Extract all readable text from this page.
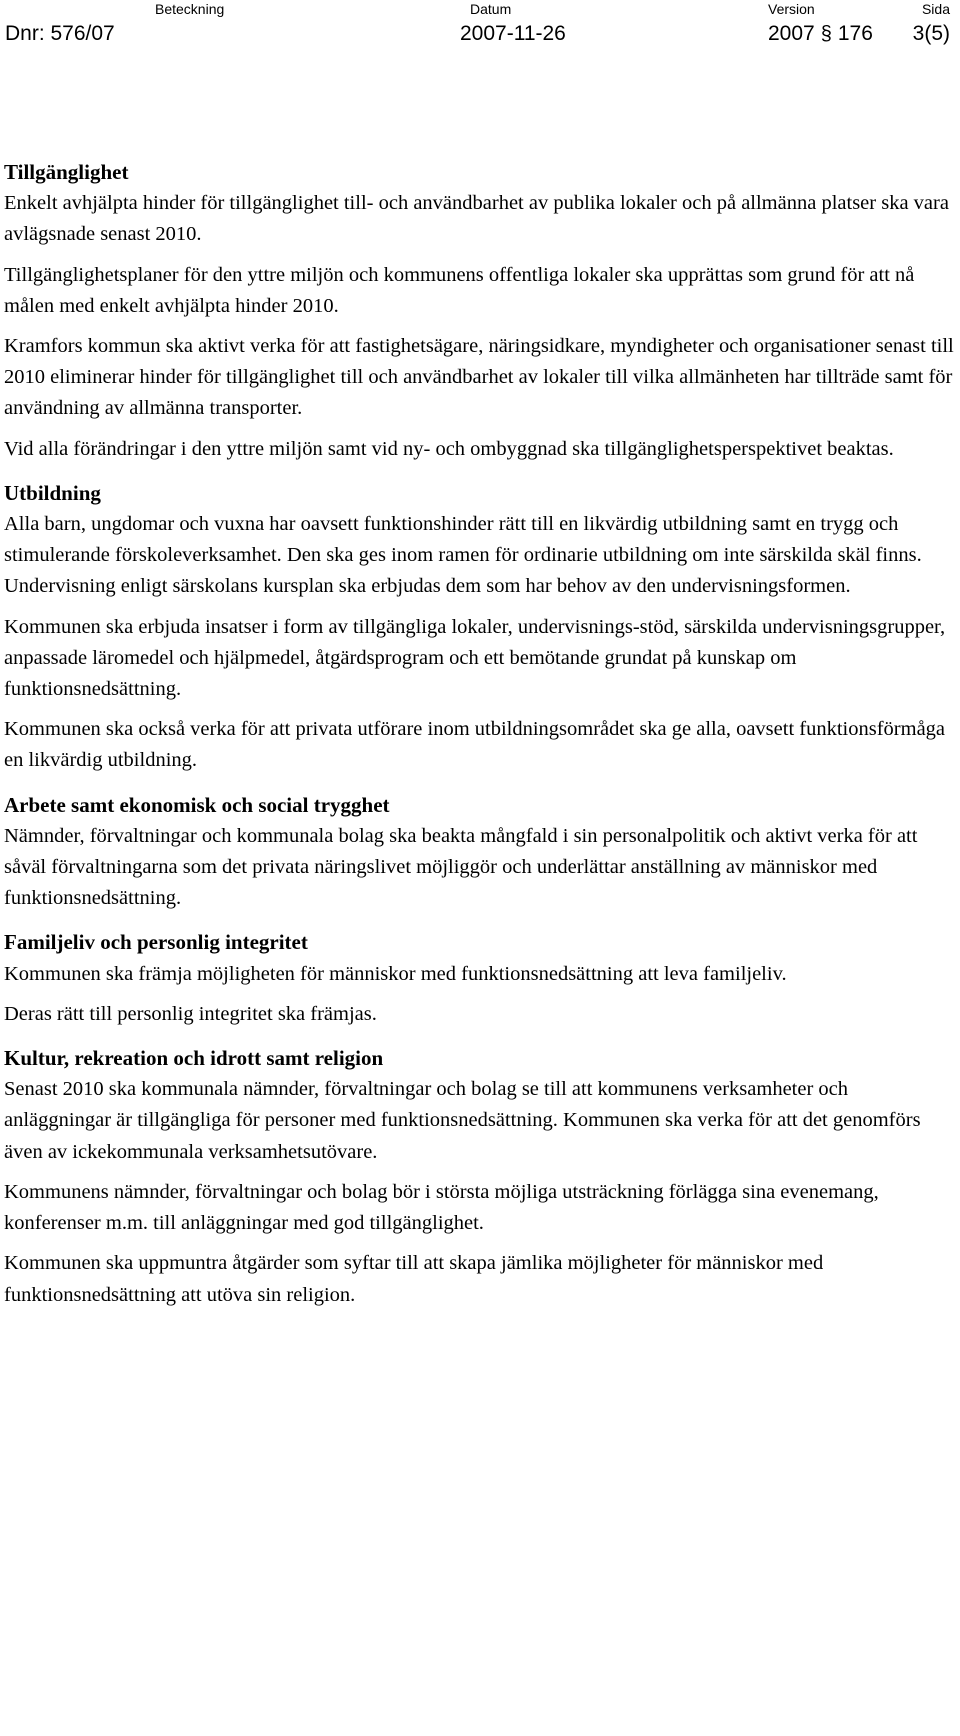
Beteckning
Dnr: 576/07
Datum
2007-11-26
Version
2007 § 176
Sida
3(5)
Tillgänglighet

Enkelt avhjälpta hinder för tillgänglighet till- och användbarhet av publika lokaler och på allmänna platser ska vara avlägsnade senast 2010.

Tillgänglighetsplaner för den yttre miljön och kommunens offentliga lokaler ska upprättas som grund för att nå målen med enkelt avhjälpta hinder 2010.

Kramfors kommun ska aktivt verka för att fastighetsägare, näringsidkare, myndigheter och organisationer senast till 2010 eliminerar hinder för tillgänglighet till och användbarhet av lokaler till vilka allmänheten har tillträde samt för användning av allmänna transporter.

Vid alla förändringar i den yttre miljön samt vid ny- och ombyggnad ska tillgänglighetsperspektivet beaktas.

Utbildning

Alla barn, ungdomar och vuxna har oavsett funktionshinder rätt till en likvärdig utbildning samt en trygg och stimulerande förskoleverksamhet. Den ska ges inom ramen för ordinarie utbildning om inte särskilda skäl finns. Undervisning enligt särskolans kursplan ska erbjudas dem som har behov av den undervisningsformen.

Kommunen ska erbjuda insatser i form av tillgängliga lokaler, undervisnings-stöd, särskilda undervisningsgrupper, anpassade läromedel och hjälpmedel, åtgärdsprogram och ett bemötande grundat på kunskap om funktionsnedsättning.

Kommunen ska också verka för att privata utförare inom utbildningsområdet ska ge alla, oavsett funktionsförmåga en likvärdig utbildning.

Arbete samt ekonomisk och social trygghet

Nämnder, förvaltningar och kommunala bolag ska beakta mångfald i sin personalpolitik och aktivt verka för att såväl förvaltningarna som det privata näringslivet möjliggör och underlättar anställning av människor med funktionsnedsättning.

Familjeliv och personlig integritet

Kommunen ska främja möjligheten för människor med funktionsnedsättning att leva familjeliv.

Deras rätt till personlig integritet ska främjas.

Kultur, rekreation och idrott samt religion

Senast 2010 ska kommunala nämnder, förvaltningar och bolag se till att kommunens verksamheter och anläggningar är tillgängliga för personer med funktionsnedsättning. Kommunen ska verka för att det genomförs även av ickekommunala verksamhetsutövare.

Kommunens nämnder, förvaltningar och bolag bör i största möjliga utsträckning förlägga sina evenemang, konferenser m.m. till anläggningar med god tillgänglighet.

Kommunen ska uppmuntra åtgärder som syftar till att skapa jämlika möjligheter för människor med funktionsnedsättning att utöva sin religion.
